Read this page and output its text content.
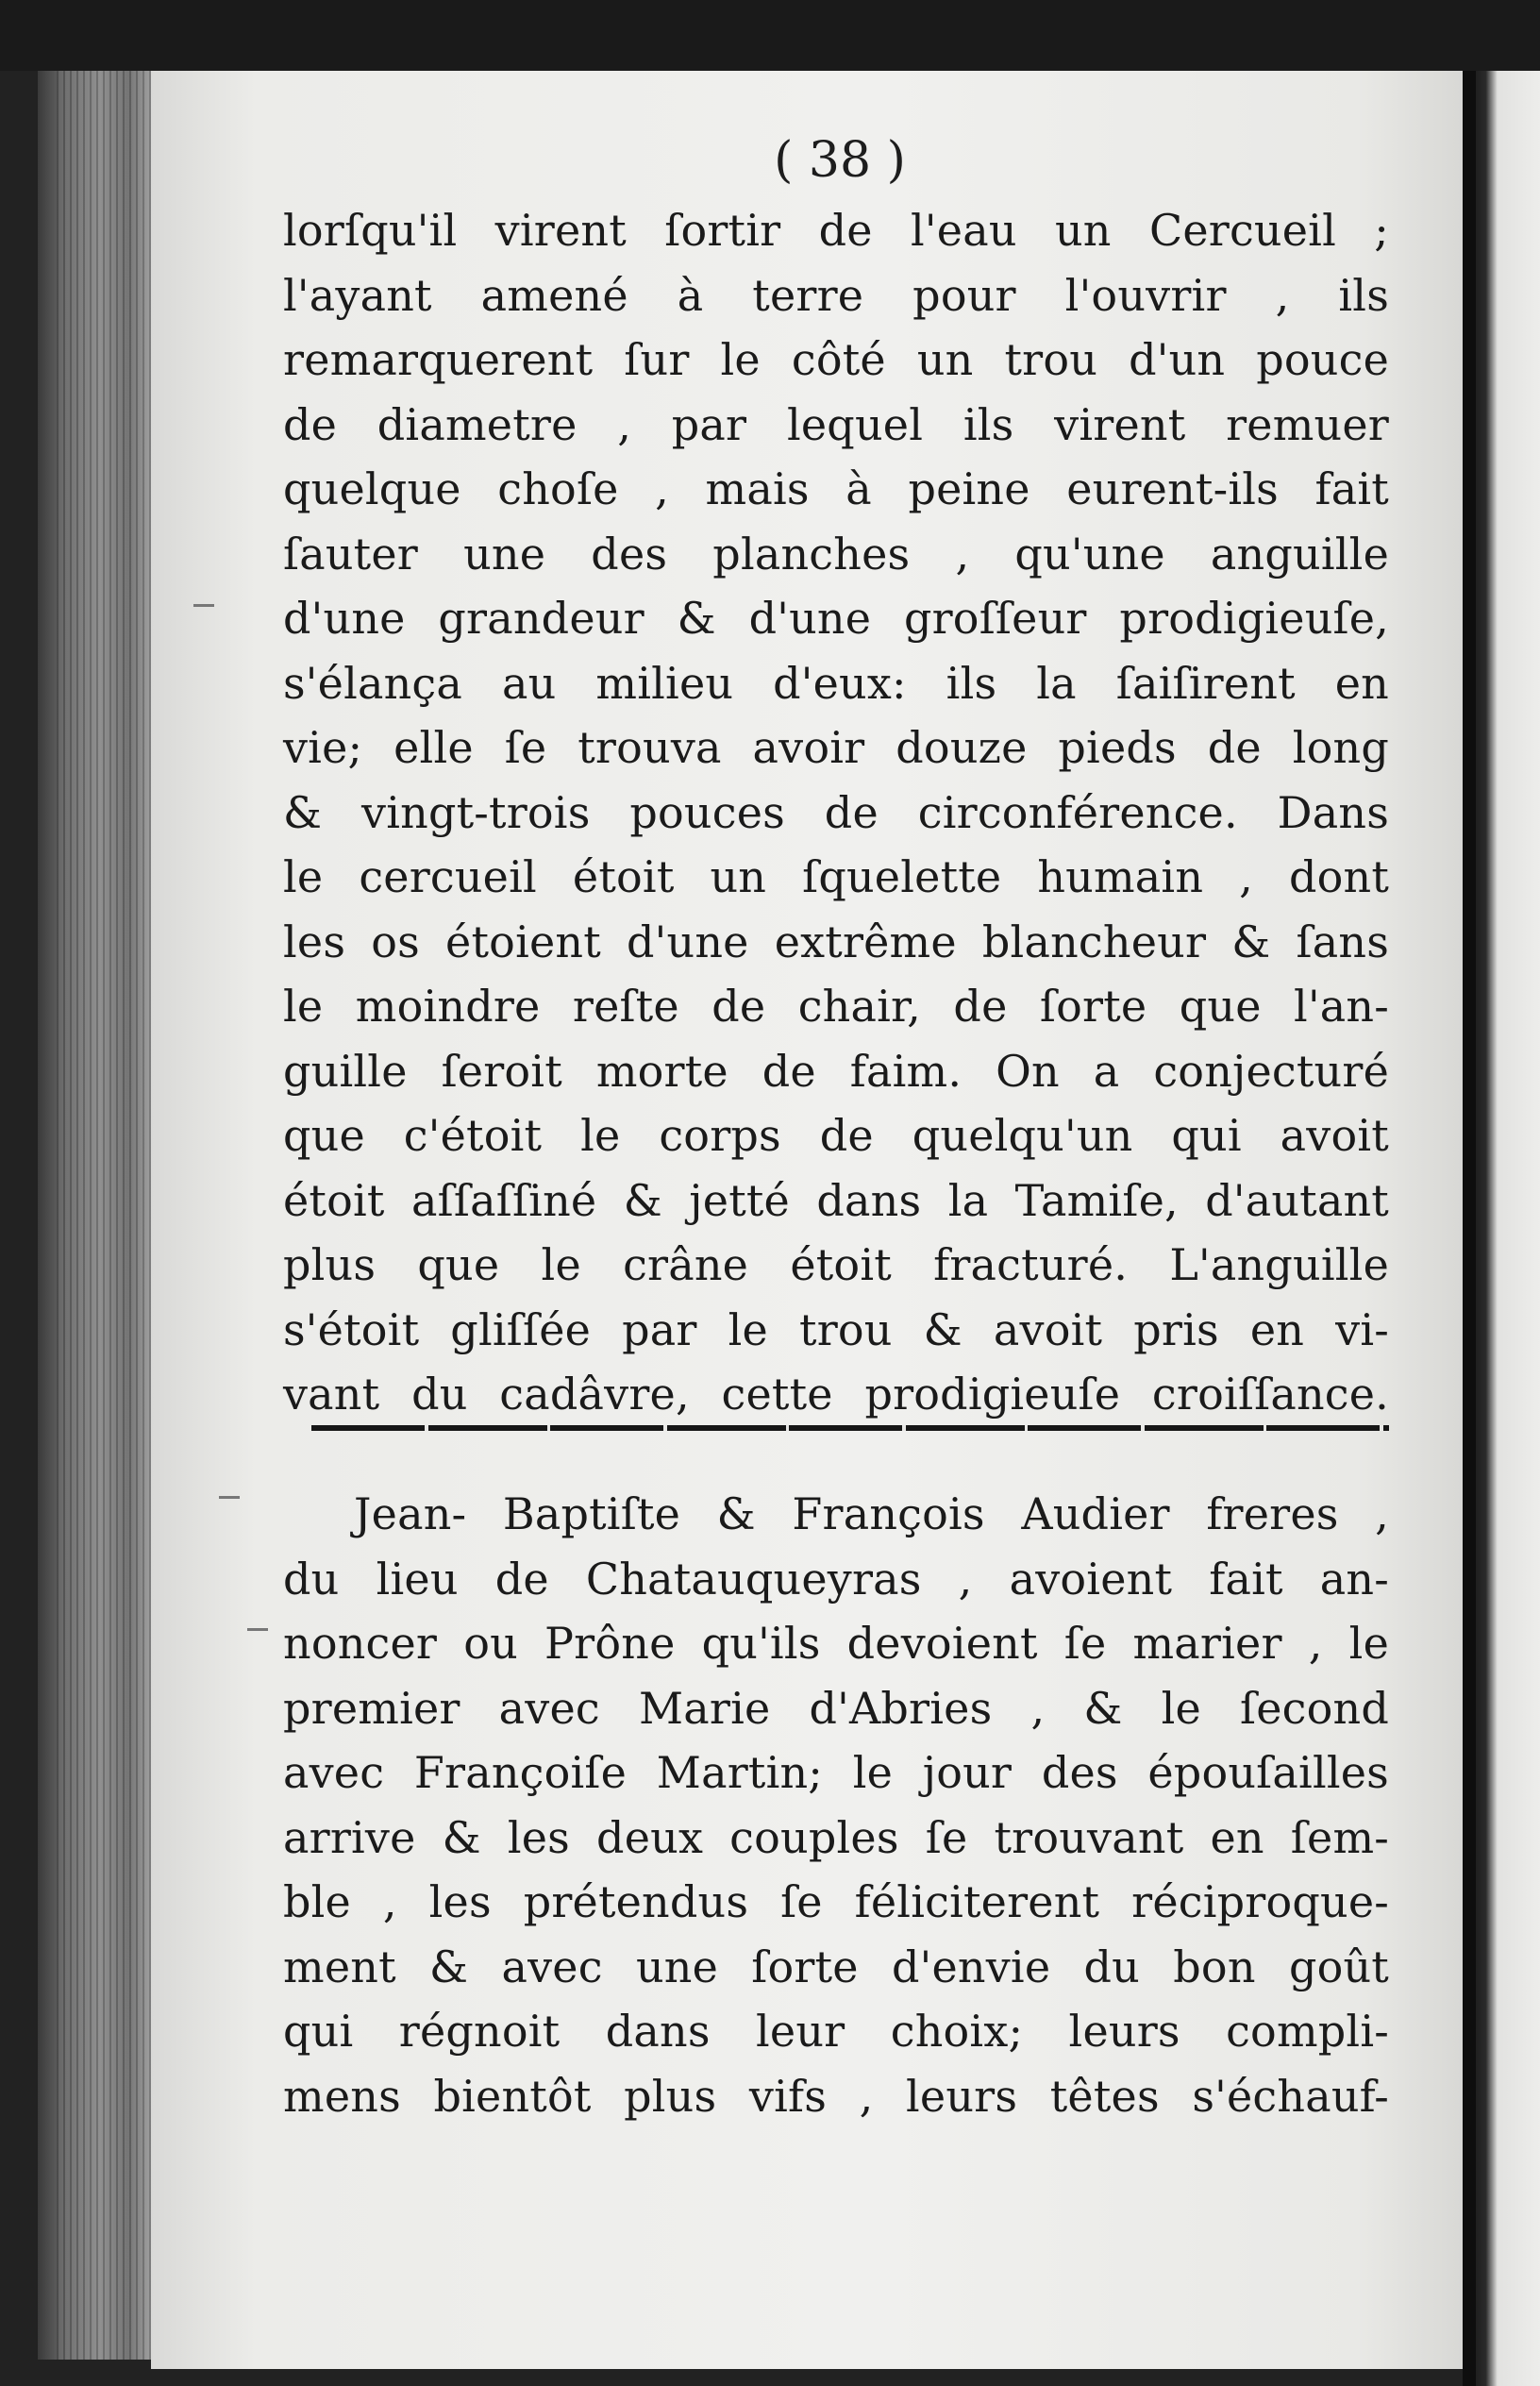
( 38 )
lorſqu'il virent ſortir de l'eau un Cercueil ;
l'ayant amené à terre pour l'ouvrir , ils
remarquerent ſur le côté un trou d'un pouce
de diametre , par lequel ils virent remuer
quelque choſe , mais à peine eurent-ils fait
ſauter une des planches , qu'une anguille
d'une grandeur & d'une groſſeur prodigieuſe,
s'élança au milieu d'eux: ils la ſaiſirent en
vie; elle ſe trouva avoir douze pieds de long
& vingt-trois pouces de circonférence. Dans
le cercueil étoit un ſquelette humain , dont
les os étoient d'une extrême blancheur & ſans
le moindre reſte de chair, de ſorte que l'an-
guille ſeroit morte de faim. On a conjecturé
que c'étoit le corps de quelqu'un qui avoit
étoit aſſaſſiné & jetté dans la Tamiſe, d'autant
plus que le crâne étoit fracturé. L'anguille
s'étoit gliſſée par le trou & avoit pris en vi-
vant du cadâvre, cette prodigieuſe croiſſance.
Jean- Baptiſte & François Audier freres ,
du lieu de Chatauqueyras , avoient fait an-
noncer ou Prône qu'ils devoient ſe marier , le
premier avec Marie d'Abries , & le ſecond
avec Françoiſe Martin; le jour des épouſailles
arrive & les deux couples ſe trouvant en ſem-
ble , les prétendus ſe féliciterent réciproque-
ment & avec une ſorte d'envie du bon goût
qui régnoit dans leur choix; leurs compli-
mens bientôt plus vifs , leurs têtes s'échauf-
